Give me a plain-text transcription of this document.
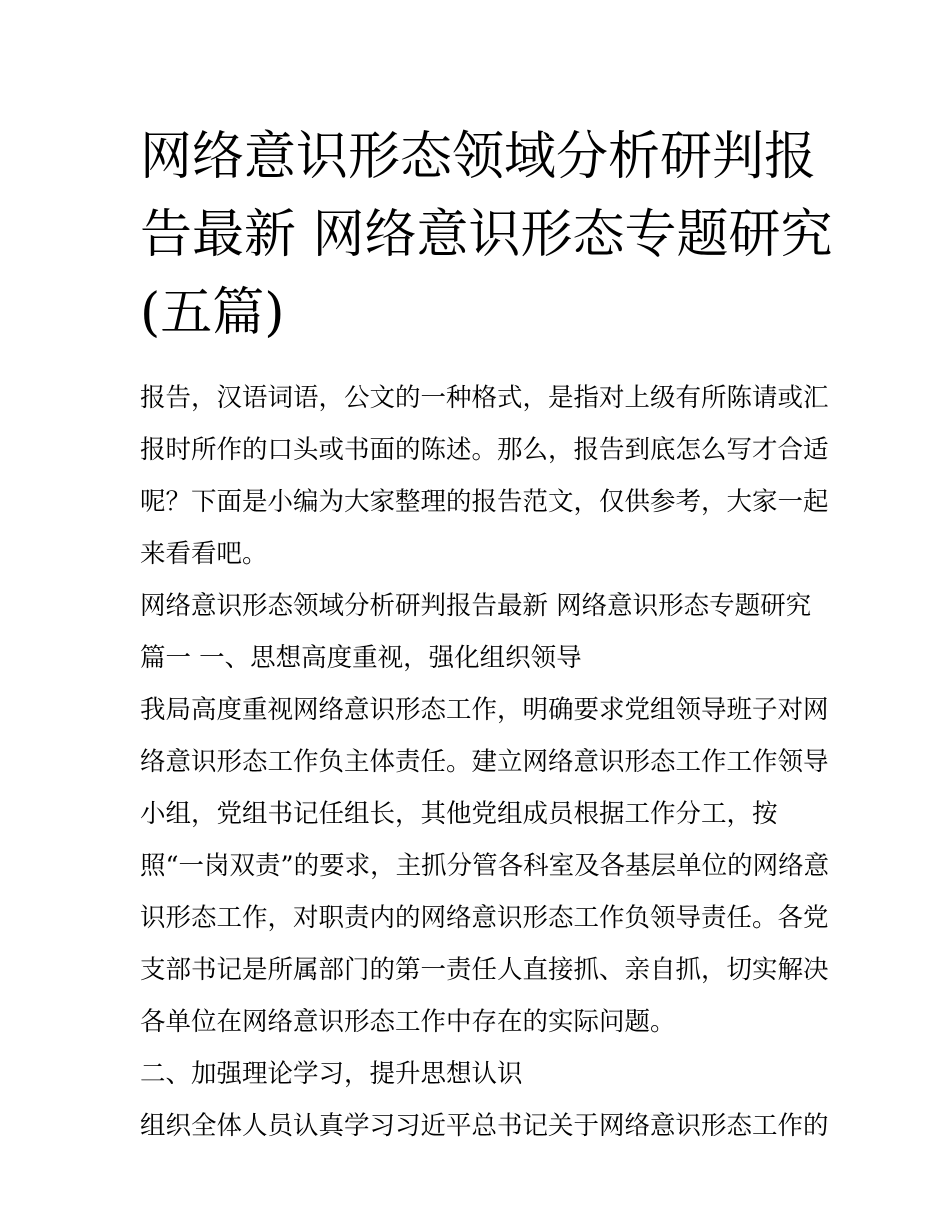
网络意识形态领域分析研判报
告最新 网络意识形态专题研究
(五篇)

报告，汉语词语，公文的一种格式，是指对上级有所陈请或汇
报时所作的口头或书面的陈述。那么，报告到底怎么写才合适
呢？下面是小编为大家整理的报告范文，仅供参考，大家一起
来看看吧。

网络意识形态领域分析研判报告最新 网络意识形态专题研究
篇一 一、思想高度重视，强化组织领导

我局高度重视网络意识形态工作，明确要求党组领导班子对网
络意识形态工作负主体责任。建立网络意识形态工作工作领导
小组，党组书记任组长，其他党组成员根据工作分工，按
照“一岗双责”的要求，主抓分管各科室及各基层单位的网络意
识形态工作，对职责内的网络意识形态工作负领导责任。各党
支部书记是所属部门的第一责任人直接抓、亲自抓，切实解决
各单位在网络意识形态工作中存在的实际问题。

二、加强理论学习，提升思想认识

组织全体人员认真学习习近平总书记关于网络意识形态工作的
